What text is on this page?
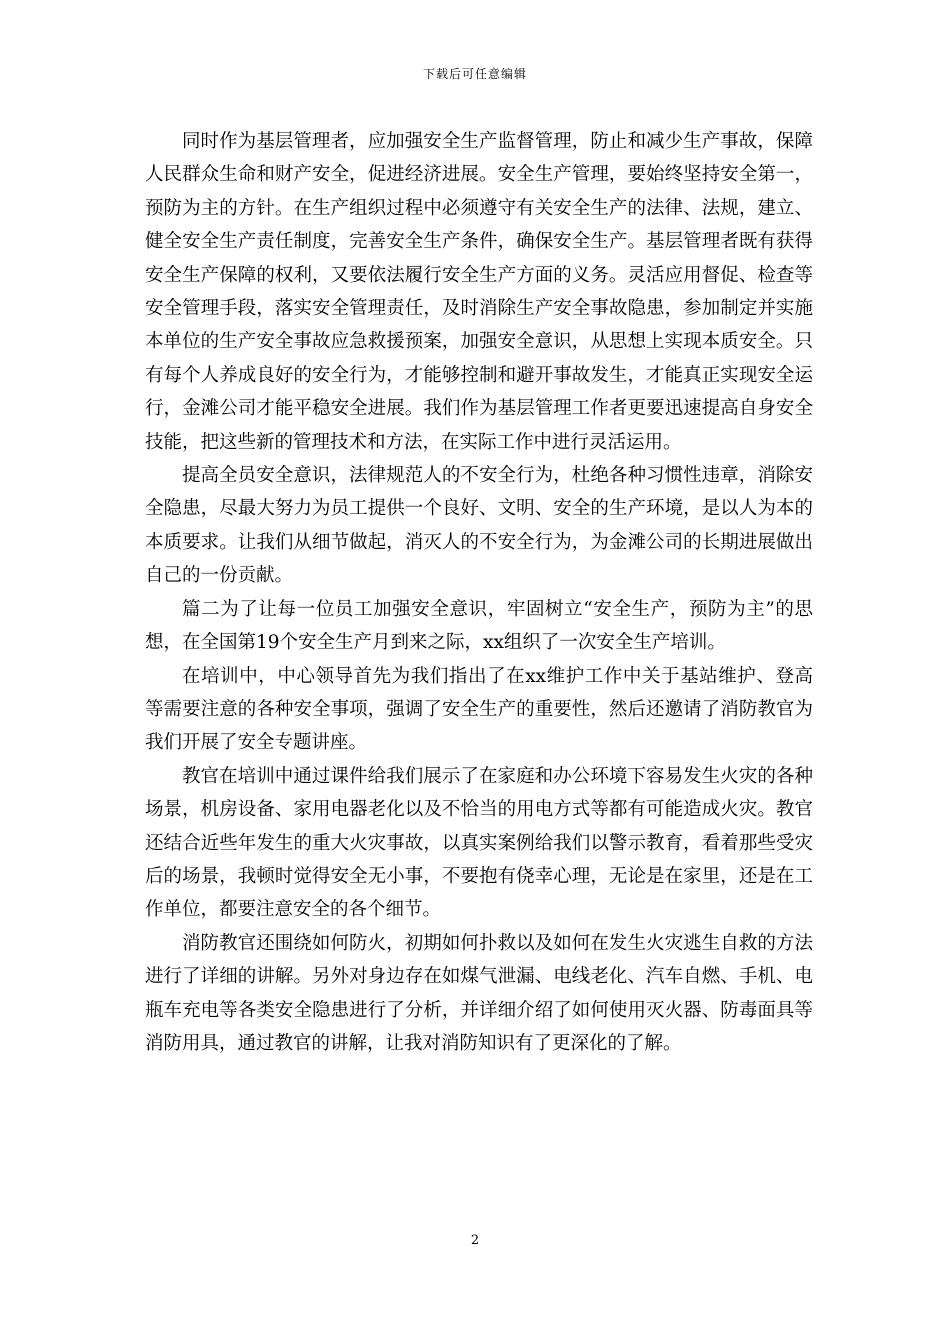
下载后可任意编辑

同时作为基层管理者，应加强安全生产监督管理，防止和减少生产事故，保障人民群众生命和财产安全，促进经济进展。安全生产管理，要始终坚持安全第一，预防为主的方针。在生产组织过程中必须遵守有关安全生产的法律、法规，建立、健全安全生产责任制度，完善安全生产条件，确保安全生产。基层管理者既有获得安全生产保障的权利，又要依法履行安全生产方面的义务。灵活应用督促、检查等安全管理手段，落实安全管理责任，及时消除生产安全事故隐患，参加制定并实施本单位的生产安全事故应急救援预案，加强安全意识，从思想上实现本质安全。只有每个人养成良好的安全行为，才能够控制和避开事故发生，才能真正实现安全运行，金滩公司才能平稳安全进展。我们作为基层管理工作者更要迅速提高自身安全技能，把这些新的管理技术和方法，在实际工作中进行灵活运用。

提高全员安全意识，法律规范人的不安全行为，杜绝各种习惯性违章，消除安全隐患，尽最大努力为员工提供一个良好、文明、安全的生产环境，是以人为本的本质要求。让我们从细节做起，消灭人的不安全行为，为金滩公司的长期进展做出自己的一份贡献。

篇二为了让每一位员工加强安全意识，牢固树立“安全生产，预防为主”的思想，在全国第19个安全生产月到来之际，xx组织了一次安全生产培训。

在培训中，中心领导首先为我们指出了在xx维护工作中关于基站维护、登高等需要注意的各种安全事项，强调了安全生产的重要性，然后还邀请了消防教官为我们开展了安全专题讲座。

教官在培训中通过课件给我们展示了在家庭和办公环境下容易发生火灾的各种场景，机房设备、家用电器老化以及不恰当的用电方式等都有可能造成火灾。教官还结合近些年发生的重大火灾事故，以真实案例给我们以警示教育，看着那些受灾后的场景，我顿时觉得安全无小事，不要抱有侥幸心理，无论是在家里，还是在工作单位，都要注意安全的各个细节。

消防教官还围绕如何防火，初期如何扑救以及如何在发生火灾逃生自救的方法进行了详细的讲解。另外对身边存在如煤气泄漏、电线老化、汽车自燃、手机、电瓶车充电等各类安全隐患进行了分析，并详细介绍了如何使用灭火器、防毒面具等消防用具，通过教官的讲解，让我对消防知识有了更深化的了解。

2
